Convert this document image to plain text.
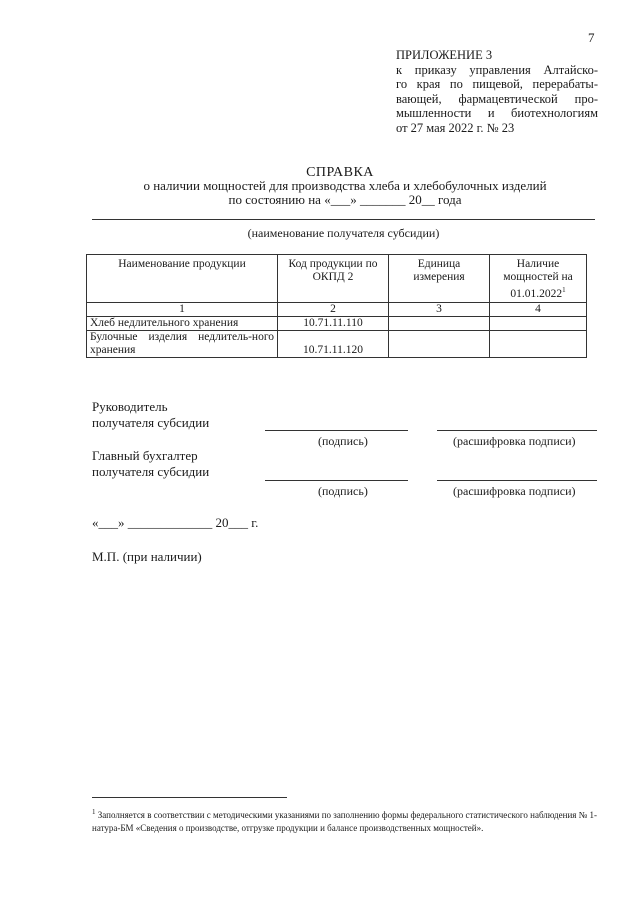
7
ПРИЛОЖЕНИЕ 3
к приказу управления Алтайско-
го края по пищевой, перерабаты-
вающей, фармацевтической про-
мышленности и биотехнологиям
от 27 мая 2022 г. № 23
СПРАВКА
о наличии мощностей для производства хлеба и хлебобулочных изделий
по состоянию на «___» _______ 20__ года
(наименование получателя субсидии)
Наименование продукции	Код продукции по ОКПД 2	Единица измерения	Наличие мощностей на 01.01.2022$^1$
1	2	3	4
Хлеб недлительного хранения	10.71.11.110		
Булочные изделия недлитель-ного хранения	10.71.11.120		
Руководитель
получателя субсидии
(подпись)	(расшифровка подписи)
Главный бухгалтер
получателя субсидии
(подпись)	(расшифровка подписи)
«___» _____________ 20___ г.
М.П. (при наличии)
$^1$ Заполняется в соответствии с методическими указаниями по заполнению формы федерального статистического наблюдения № 1-натура-БМ «Сведения о производстве, отгрузке продукции и балансе производственных мощностей».
